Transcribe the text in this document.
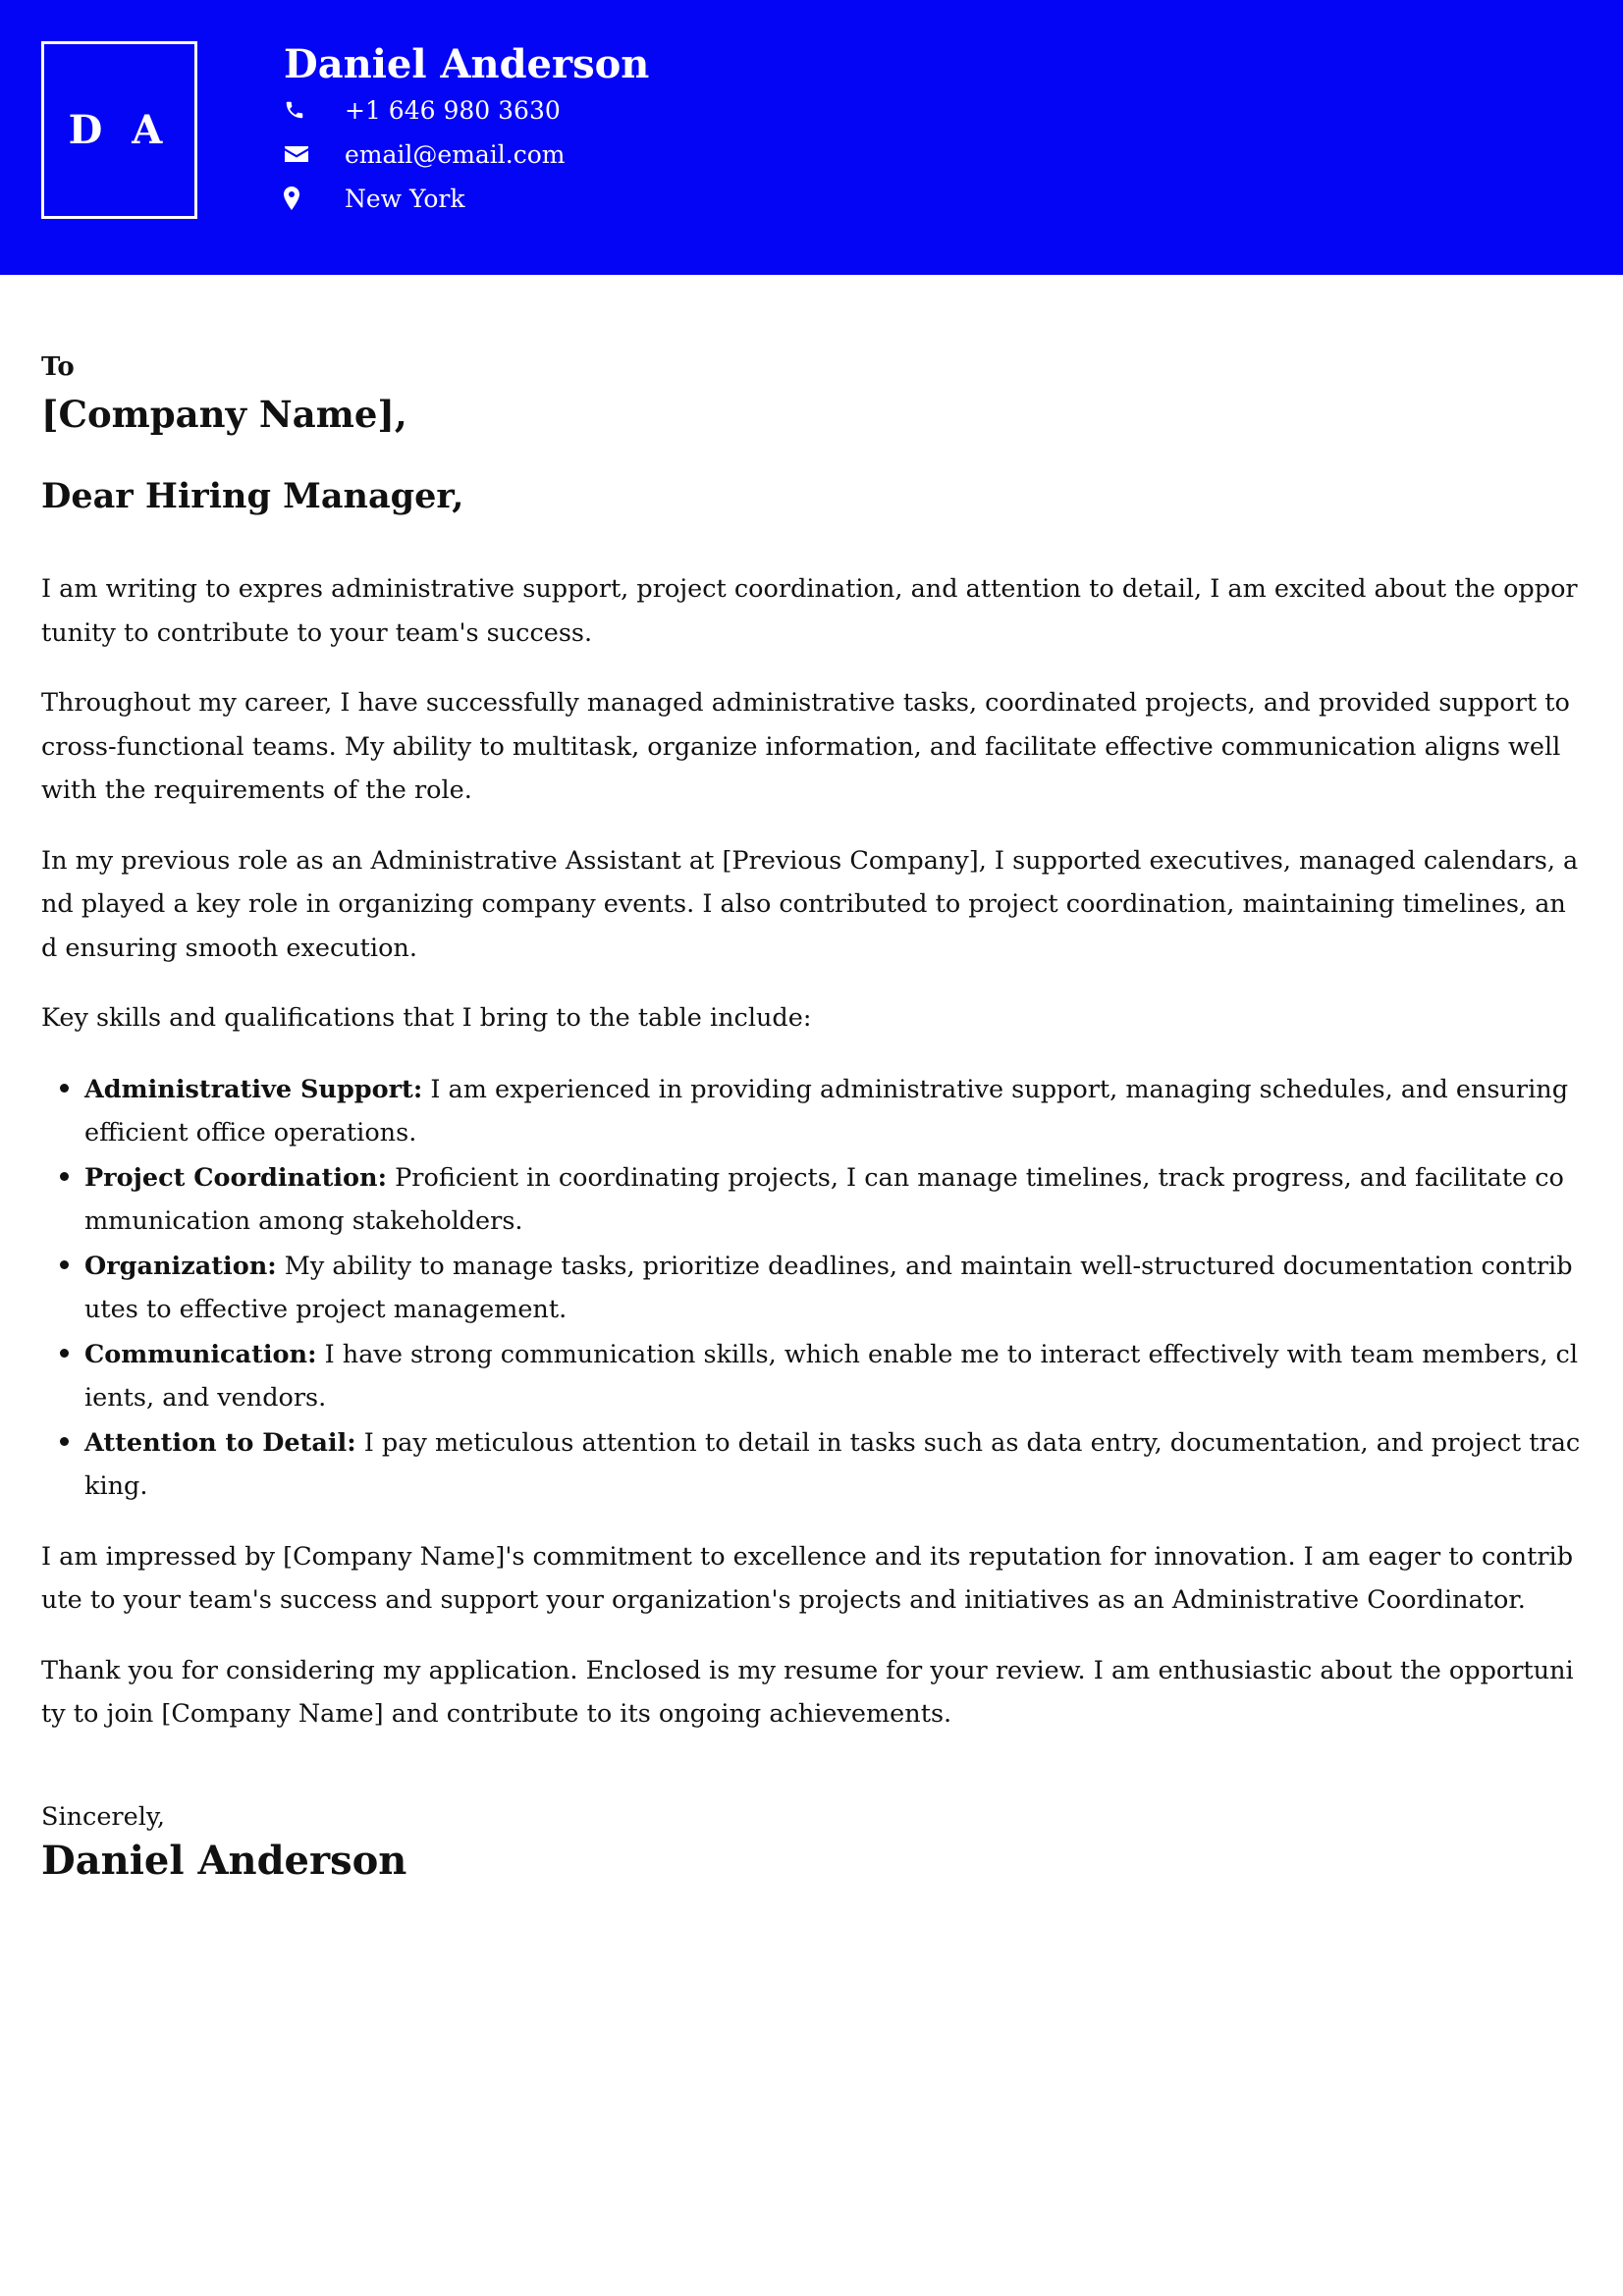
D A
Daniel Anderson
+1 646 980 3630
email@email.com
New York
To
[Company Name],
Dear Hiring Manager,

I am writing to expres administrative support, project coordination, and attention to detail, I am excited about the opportunity to contribute to your team's success.

Throughout my career, I have successfully managed administrative tasks, coordinated projects, and provided support to cross-functional teams. My ability to multitask, organize information, and facilitate effective communication aligns well with the requirements of the role.

In my previous role as an Administrative Assistant at [Previous Company], I supported executives, managed calendars, and played a key role in organizing company events. I also contributed to project coordination, maintaining timelines, and ensuring smooth execution.

Key skills and qualifications that I bring to the table include:

• Administrative Support: I am experienced in providing administrative support, managing schedules, and ensuring efficient office operations.
• Project Coordination: Proficient in coordinating projects, I can manage timelines, track progress, and facilitate communication among stakeholders.
• Organization: My ability to manage tasks, prioritize deadlines, and maintain well-structured documentation contributes to effective project management.
• Communication: I have strong communication skills, which enable me to interact effectively with team members, clients, and vendors.
• Attention to Detail: I pay meticulous attention to detail in tasks such as data entry, documentation, and project tracking.

I am impressed by [Company Name]'s commitment to excellence and its reputation for innovation. I am eager to contribute to your team's success and support your organization's projects and initiatives as an Administrative Coordinator.

Thank you for considering my application. Enclosed is my resume for your review. I am enthusiastic about the opportunity to join [Company Name] and contribute to its ongoing achievements.

Sincerely,
Daniel Anderson
